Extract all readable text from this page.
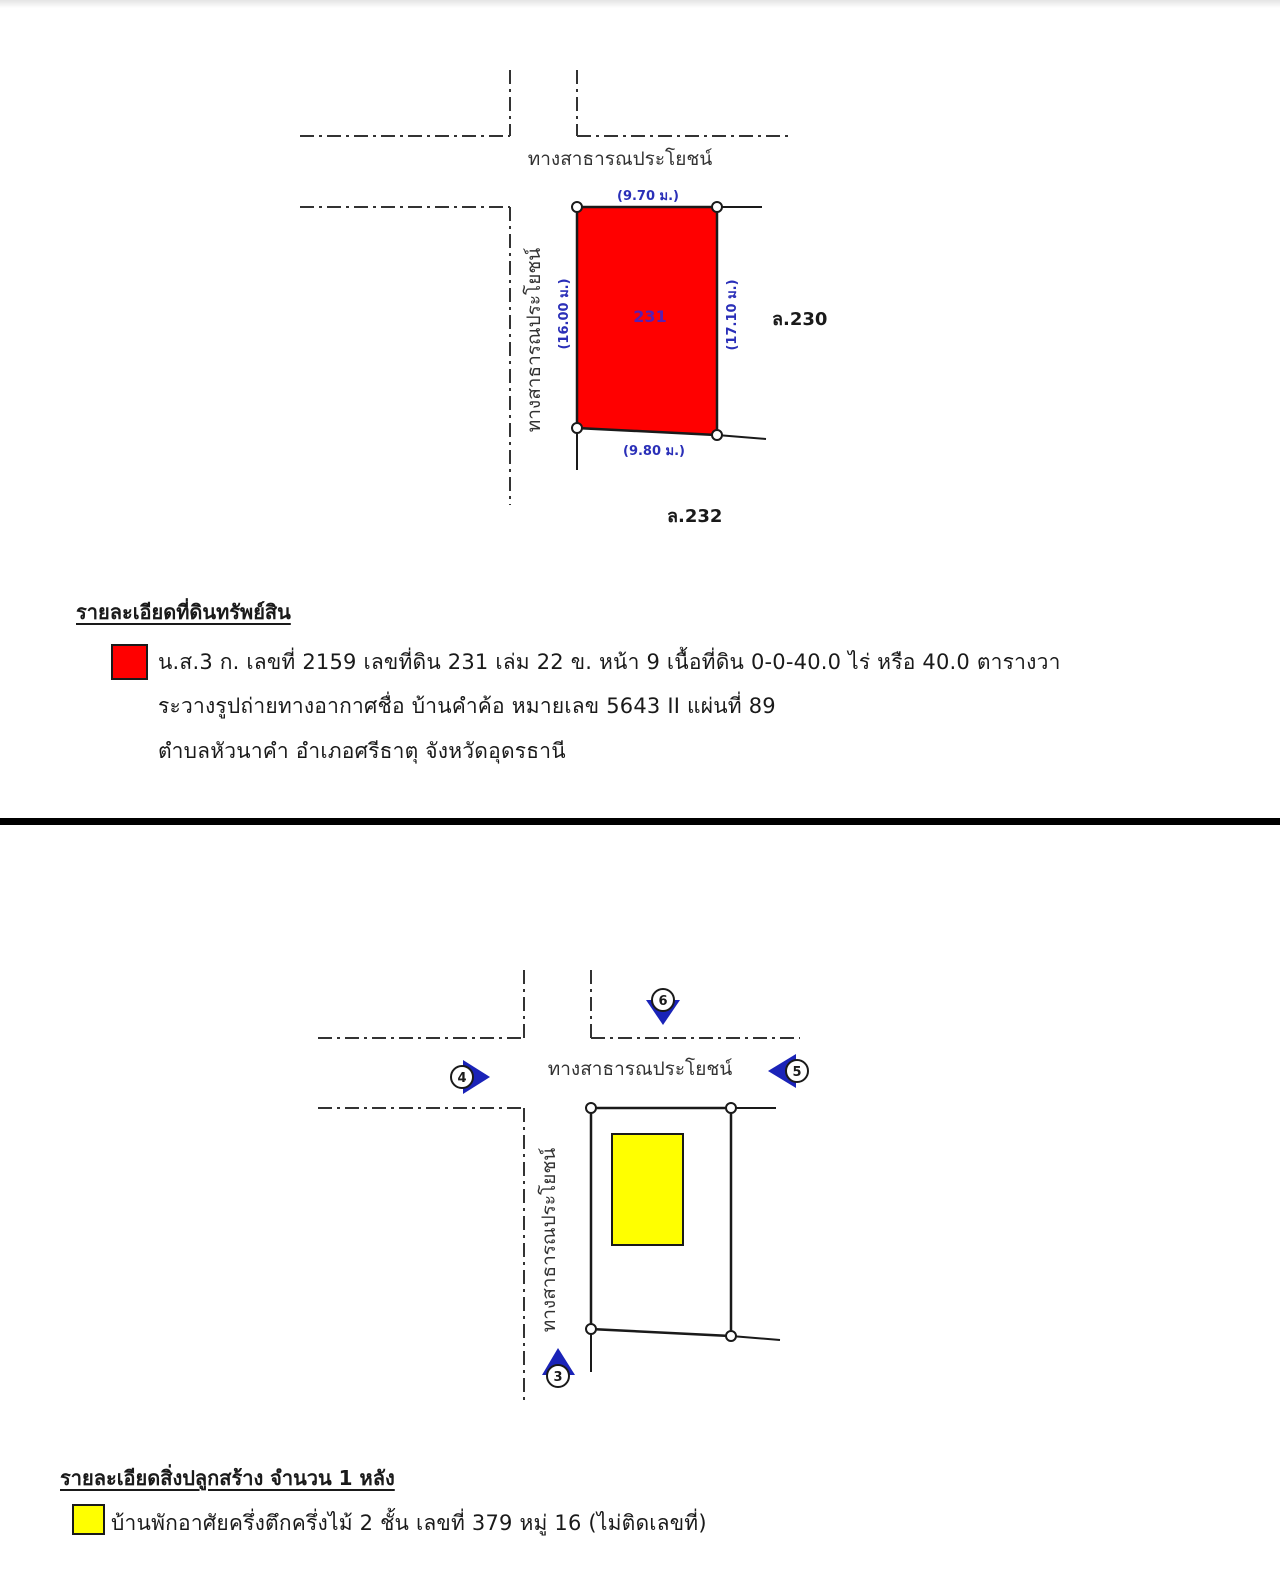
ทางสาธารณประโยชน์
ทางสาธารณประโยชน์
(9.70 ม.)
(9.80 ม.)
(16.00 ม.)	(17.10 ม.)
231	ล.230
ล.232
รายละเอียดที่ดินทรัพย์สิน
น.ส.3 ก. เลขที่ 2159 เลขที่ดิน 231 เล่ม 22 ข. หน้า 9 เนื้อที่ดิน 0-0-40.0 ไร่ หรือ 40.0 ตารางวา
ระวางรูปถ่ายทางอากาศชื่อ บ้านคำค้อ หมายเลข 5643 II แผ่นที่ 89
ตำบลหัวนาคำ อำเภอศรีธาตุ จังหวัดอุดรธานี
ทางสาธารณประโยชน์
ทางสาธารณประโยชน์
3
4	5
6
รายละเอียดสิ่งปลูกสร้าง จำนวน 1 หลัง
บ้านพักอาศัยครึ่งตึกครึ่งไม้ 2 ชั้น เลขที่ 379 หมู่ 16 (ไม่ติดเลขที่)
